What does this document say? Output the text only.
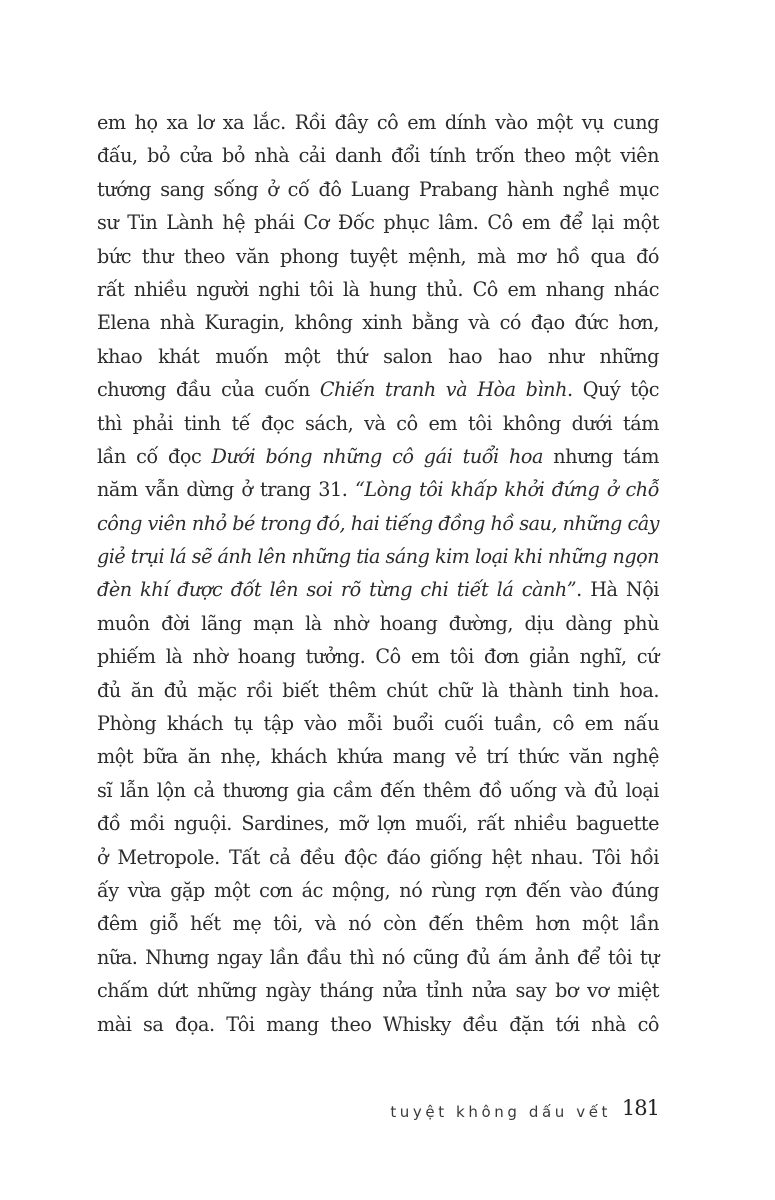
em họ xa lơ xa lắc. Rồi đây cô em dính vào một vụ cung
đấu, bỏ cửa bỏ nhà cải danh đổi tính trốn theo một viên
tướng sang sống ở cố đô Luang Prabang hành nghề mục
sư Tin Lành hệ phái Cơ Đốc phục lâm. Cô em để lại một
bức thư theo văn phong tuyệt mệnh, mà mơ hồ qua đó
rất nhiều người nghi tôi là hung thủ. Cô em nhang nhác
Elena nhà Kuragin, không xinh bằng và có đạo đức hơn,
khao khát muốn một thứ salon hao hao như những
chương đầu của cuốn Chiến tranh và Hòa bình. Quý tộc
thì phải tinh tế đọc sách, và cô em tôi không dưới tám
lần cố đọc Dưới bóng những cô gái tuổi hoa nhưng tám
năm vẫn dừng ở trang 31. “Lòng tôi khấp khởi đứng ở chỗ
công viên nhỏ bé trong đó, hai tiếng đồng hồ sau, những cây
giẻ trụi lá sẽ ánh lên những tia sáng kim loại khi những ngọn
đèn khí được đốt lên soi rõ từng chi tiết lá cành”. Hà Nội
muôn đời lãng mạn là nhờ hoang đường, dịu dàng phù
phiếm là nhờ hoang tưởng. Cô em tôi đơn giản nghĩ, cứ
đủ ăn đủ mặc rồi biết thêm chút chữ là thành tinh hoa.
Phòng khách tụ tập vào mỗi buổi cuối tuần, cô em nấu
một bữa ăn nhẹ, khách khứa mang vẻ trí thức văn nghệ
sĩ lẫn lộn cả thương gia cầm đến thêm đồ uống và đủ loại
đồ mồi nguội. Sardines, mỡ lợn muối, rất nhiều baguette
ở Metropole. Tất cả đều độc đáo giống hệt nhau. Tôi hồi
ấy vừa gặp một cơn ác mộng, nó rùng rợn đến vào đúng
đêm giỗ hết mẹ tôi, và nó còn đến thêm hơn một lần
nữa. Nhưng ngay lần đầu thì nó cũng đủ ám ảnh để tôi tự
chấm dứt những ngày tháng nửa tỉnh nửa say bơ vơ miệt
mài sa đọa. Tôi mang theo Whisky đều đặn tới nhà cô
tuyệt không dấu vết 181
